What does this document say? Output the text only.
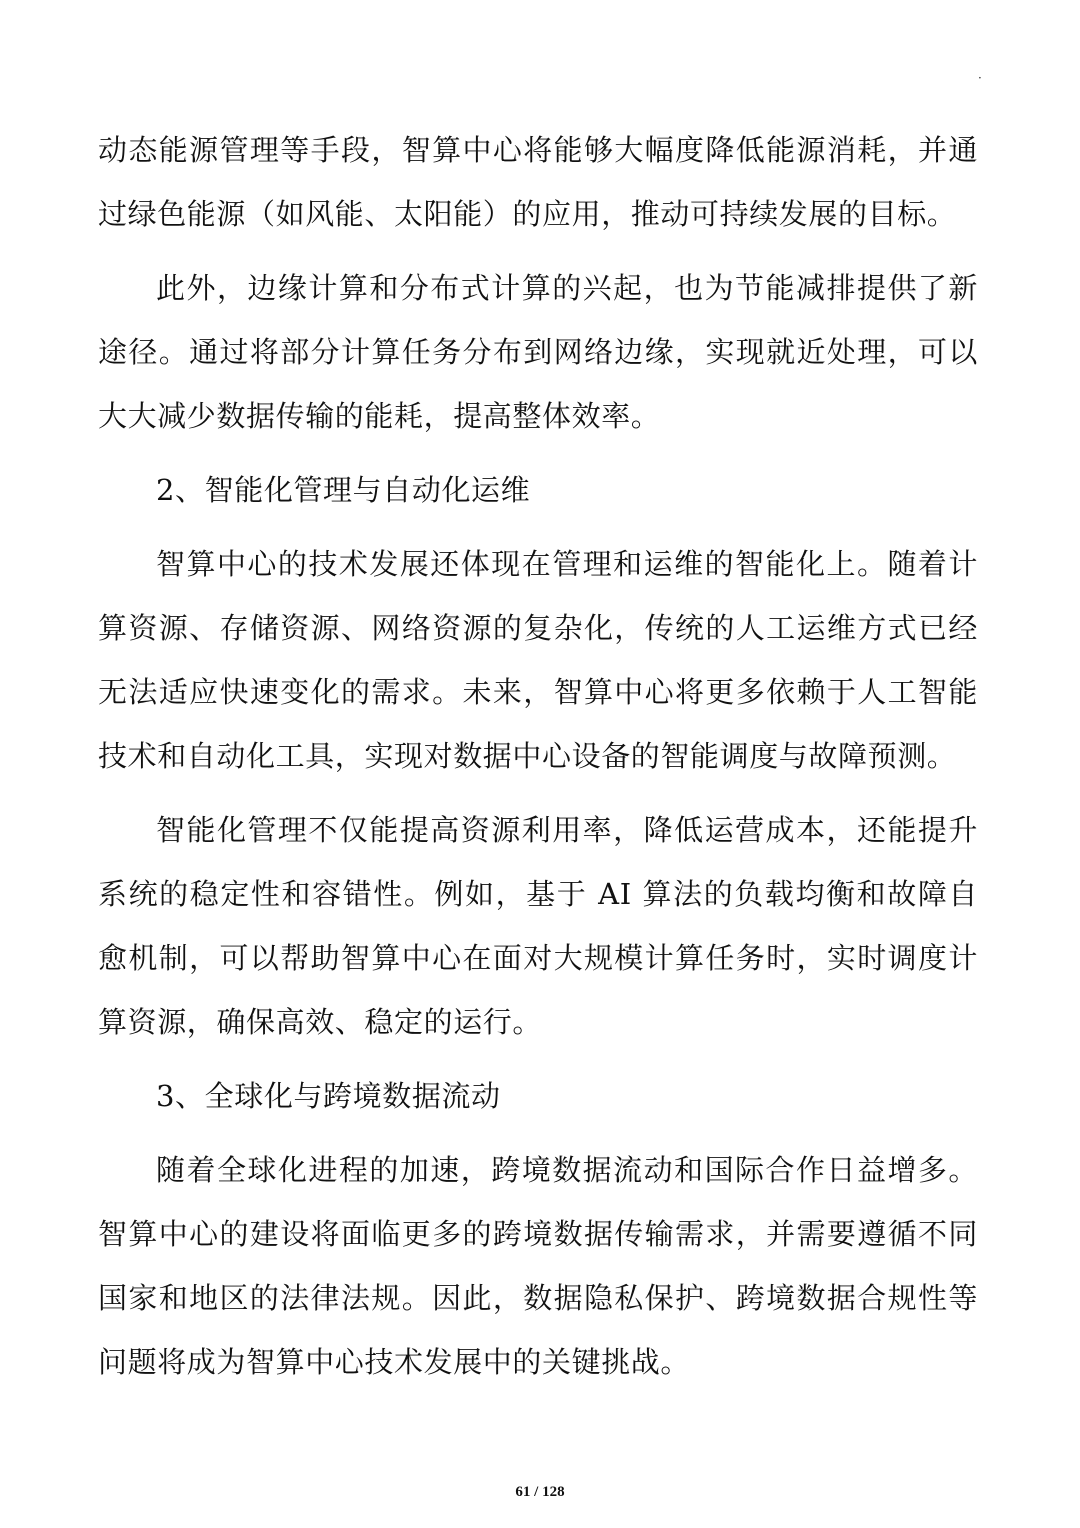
·

动态能源管理等手段，智算中心将能够大幅度降低能源消耗，并通过绿色能源（如风能、太阳能）的应用，推动可持续发展的目标。

此外，边缘计算和分布式计算的兴起，也为节能减排提供了新途径。通过将部分计算任务分布到网络边缘，实现就近处理，可以大大减少数据传输的能耗，提高整体效率。

2、智能化管理与自动化运维

智算中心的技术发展还体现在管理和运维的智能化上。随着计算资源、存储资源、网络资源的复杂化，传统的人工运维方式已经无法适应快速变化的需求。未来，智算中心将更多依赖于人工智能技术和自动化工具，实现对数据中心设备的智能调度与故障预测。

智能化管理不仅能提高资源利用率，降低运营成本，还能提升系统的稳定性和容错性。例如，基于 AI 算法的负载均衡和故障自愈机制，可以帮助智算中心在面对大规模计算任务时，实时调度计算资源，确保高效、稳定的运行。

3、全球化与跨境数据流动

随着全球化进程的加速，跨境数据流动和国际合作日益增多。智算中心的建设将面临更多的跨境数据传输需求，并需要遵循不同国家和地区的法律法规。因此，数据隐私保护、跨境数据合规性等问题将成为智算中心技术发展中的关键挑战。

61 / 128
